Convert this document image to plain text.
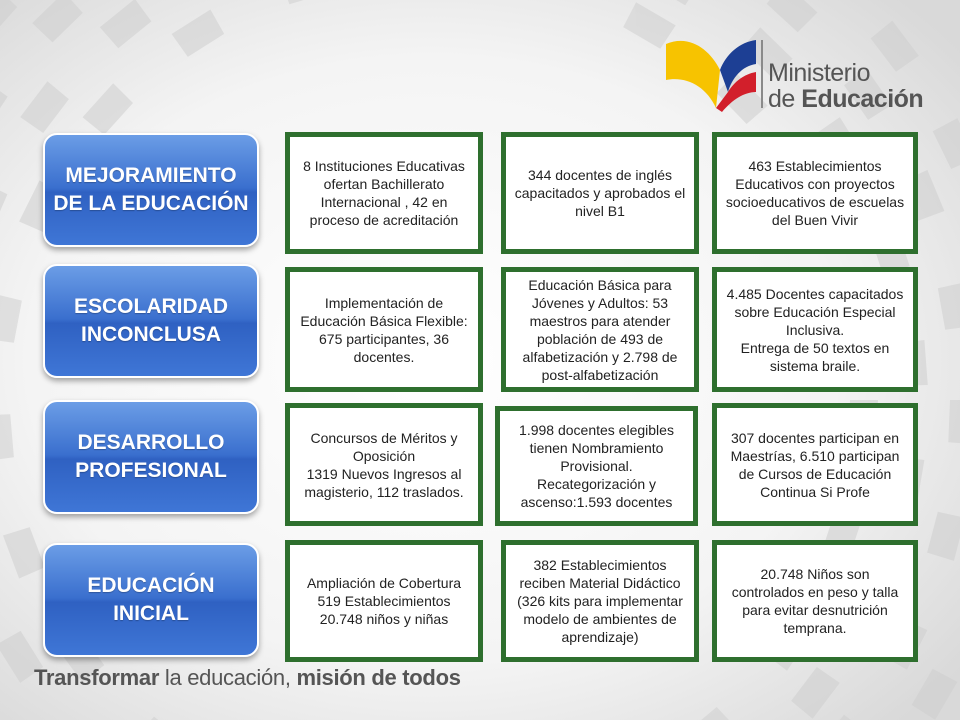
Ministerio
de Educación
MEJORAMIENTO DE LA EDUCACIÓN
8 Instituciones Educativas ofertan Bachillerato Internacional , 42 en proceso de acreditación
344 docentes de inglés capacitados y aprobados el nivel B1
463 Establecimientos Educativos con proyectos socioeducativos de escuelas del Buen Vivir
ESCOLARIDAD INCONCLUSA
Implementación de Educación Básica Flexible: 675 participantes, 36 docentes.
Educación Básica para Jóvenes y Adultos: 53 maestros para atender población de 493 de alfabetización y 2.798 de post-alfabetización
4.485 Docentes capacitados sobre Educación Especial Inclusiva.
Entrega de 50 textos en sistema braile.
DESARROLLO PROFESIONAL
Concursos de Méritos y Oposición
1319 Nuevos Ingresos al magisterio, 112 traslados.
1.998 docentes elegibles tienen Nombramiento Provisional.
Recategorización y ascenso:1.593 docentes
307 docentes participan en Maestrías, 6.510 participan de Cursos de Educación Continua Si Profe
EDUCACIÓN INICIAL
Ampliación de Cobertura 519 Establecimientos 20.748 niños y niñas
382 Establecimientos reciben Material Didáctico (326 kits para implementar modelo de ambientes de aprendizaje)
20.748 Niños son controlados en peso y talla para evitar desnutrición temprana.
Transformar la educación, misión de todos
